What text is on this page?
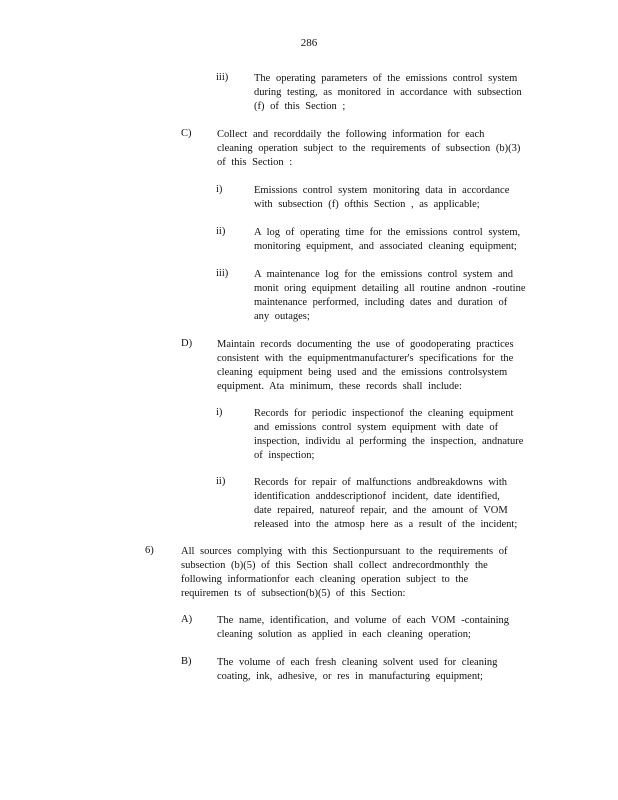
286
iii) The operating parameters of the emissions control system
during testing, as monitored in accordance with subsection
(f) of this Section ;
C) Collect and recorddaily the following information for each
cleaning operation subject to the requirements of subsection (b)(3)
of this Section :
i)	Emissions control system monitoring data in accordance
with subsection (f) ofthis Section , as applicable;
ii)	A log of operating time for the emissions control system,
monitoring equipment, and associated cleaning equipment;
iii) A maintenance log for the emissions control system and
monit oring equipment detailing all routine andnon -routine
maintenance performed, including dates and duration of
any outages;
D) Maintain records documenting the use of goodoperating practices
consistent with the equipmentmanufacturer's specifications for the
cleaning equipment being used and the emissions controlsystem
equipment. Ata minimum, these records shall include:
i)	Records for periodic inspectionof the cleaning equipment
and emissions control system equipment with date of
inspection, individu al performing the inspection, andnature
of inspection;
ii)	Records for repair of malfunctions andbreakdowns with
identification anddescriptionof incident, date identified,
date repaired, natureof repair, and the amount of VOM
released into the atmosp here as a result of the incident;
6)	All sources complying with this Sectionpursuant to the requirements of
subsection (b)(5) of this Section shall collect andrecordmonthly the
following informationfor each cleaning operation subject to the
requiremen ts of subsection(b)(5) of this Section:
A) The name, identification, and volume of each VOM -containing
cleaning solution as applied in each cleaning operation;
B) The volume of each fresh cleaning solvent used for cleaning
coating, ink, adhesive, or res in manufacturing equipment;
